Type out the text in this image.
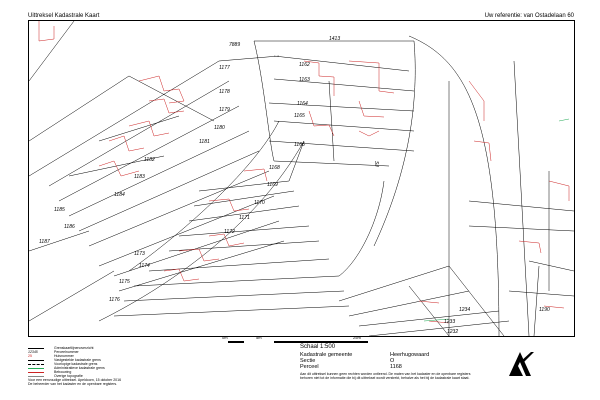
Uittreksel Kadastrale Kaart	Uw referentie: van Ostadelaan 60
1177
1178
1179
1180
1181
1182
1183
1184
1185
1186
1187
1162
1163
1164
1165
1166
1168
1169
1170
1171
1172
1173
1174
1175
1176
1234
1233
1232
1190
1413
7889
Sil
0m	5m	25m
Schaal 1:500
Grenskaartlijnenoverzicht
12345	Perceelnummer
25	Huisnummer
Vastgestelde kadastrale grens
Voorlopige kadastrale grens
Administratieve kadastrale grens
Bebouwing
Overige topografie
Voor een eenvoudige uittreksel. Apeldoorn, 15 oktober 2016
De beheerder van het kadaster en de openbare registers.
Kadastrale gemeente	Heerhugowaard
Sectie	O
Perceel	1168
Aan dit uittreksel kunnen geen rechten worden ontleend. De maten van het kadaster en de openbare registers behoren niet tot de informatie die bij dit uittreksel wordt verstrekt, behalve als het bij de kadastrale kaart staat.
